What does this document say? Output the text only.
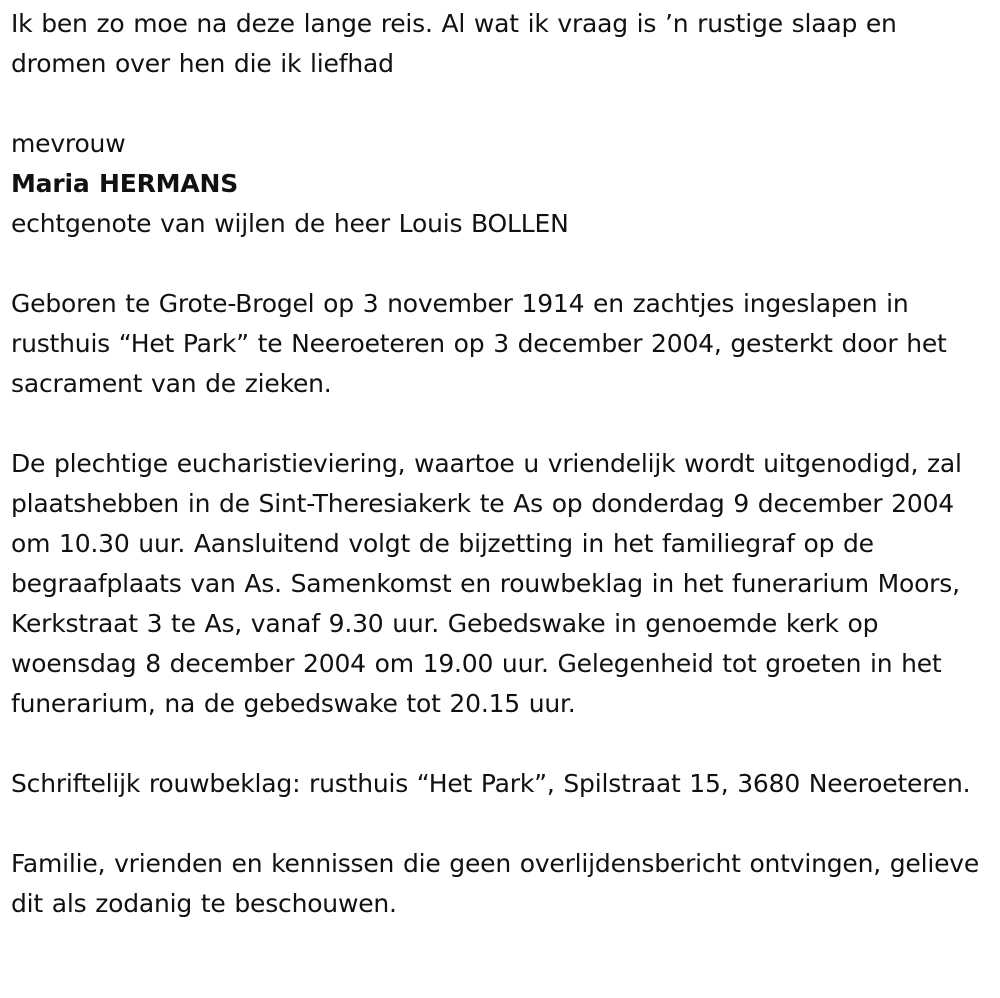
Ik ben zo moe na deze lange reis. Al wat ik vraag is ’n rustige slaap en dromen over hen die ik liefhad

mevrouw

Maria HERMANS

echtgenote van wijlen de heer Louis BOLLEN

Geboren te Grote-Brogel op 3 november 1914 en zachtjes ingeslapen in rusthuis “Het Park” te Neeroeteren op 3 december 2004, gesterkt door het sacrament van de zieken.

De plechtige eucharistieviering, waartoe u vriendelijk wordt uitgenodigd, zal plaatshebben in de Sint-Theresiakerk te As op donderdag 9 december 2004 om 10.30 uur. Aansluitend volgt de bijzetting in het familiegraf op de begraafplaats van As. Samenkomst en rouwbeklag in het funerarium Moors, Kerkstraat 3 te As, vanaf 9.30 uur. Gebedswake in genoemde kerk op woensdag 8 december 2004 om 19.00 uur. Gelegenheid tot groeten in het funerarium, na de gebedswake tot 20.15 uur.

Schriftelijk rouwbeklag: rusthuis “Het Park”, Spilstraat 15, 3680 Neeroeteren.

Familie, vrienden en kennissen die geen overlijdensbericht ontvingen, gelieve dit als zodanig te beschouwen.
